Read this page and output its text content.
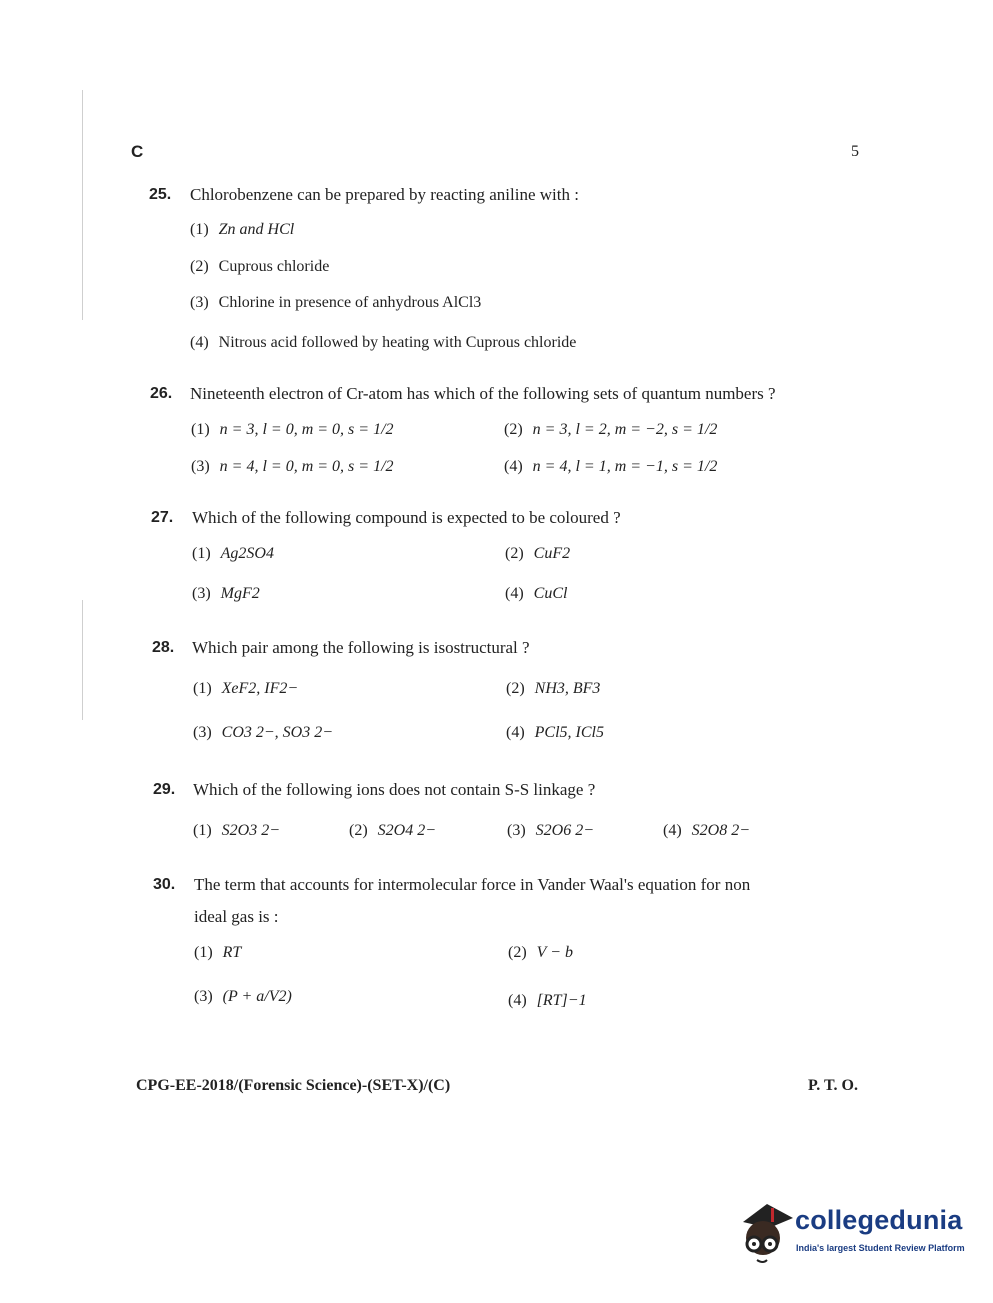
C	5
25. Chlorobenzene can be prepared by reacting aniline with :
(1) Zn and HCl
(2) Cuprous chloride
(3) Chlorine in presence of anhydrous AlCl3
(4) Nitrous acid followed by heating with Cuprous chloride
26. Nineteenth electron of Cr-atom has which of the following sets of quantum numbers ?
(1) n = 3, l = 0, m = 0, s = 1/2	(2) n = 3, l = 2, m = −2, s = 1/2
(3) n = 4, l = 0, m = 0, s = 1/2	(4) n = 4, l = 1, m = −1, s = 1/2
27. Which of the following compound is expected to be coloured ?
(1) Ag2SO4	(2) CuF2
(3) MgF2	(4) CuCl
28. Which pair among the following is isostructural ?
(1) XeF2, IF2−	(2) NH3, BF3
(3) CO3 2−, SO3 2−	(4) PCl5, ICl5
29. Which of the following ions does not contain S-S linkage ?
(1) S2O3 2−	(2) S2O4 2−	(3) S2O6 2−	(4) S2O8 2−
30. The term that accounts for intermolecular force in Vander Waal's equation for non
ideal gas is :
(1) RT	(2) V − b
(3) (P + a/V2)	(4) [RT]−1
CPG-EE-2018/(Forensic Science)-(SET-X)/(C)	P. T. O.
collegedunia
India's largest Student Review Platform
